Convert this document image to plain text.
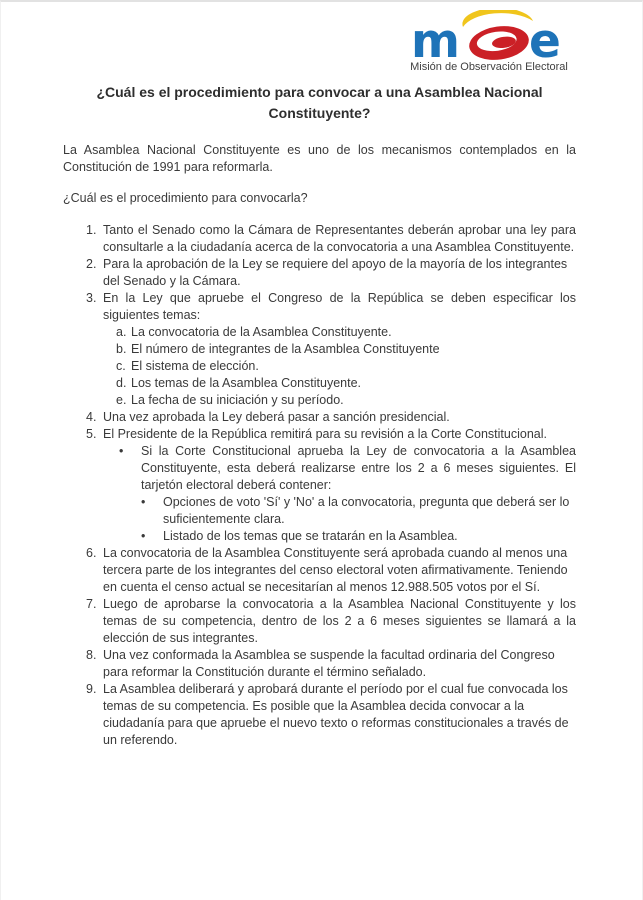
m e
Misión de Observación Electoral
¿Cuál es el procedimiento para convocar a una Asamblea Nacional Constituyente?

La Asamblea Nacional Constituyente es uno de los mecanismos contemplados en la Constitución de 1991 para reformarla.

¿Cuál es el procedimiento para convocarla?

1. Tanto el Senado como la Cámara de Representantes deberán aprobar una ley para consultarle a la ciudadanía acerca de la convocatoria a una Asamblea Constituyente.
2. Para la aprobación de la Ley se requiere del apoyo de la mayoría de los integrantes del Senado y la Cámara.
3. En la Ley que apruebe el Congreso de la República se deben especificar los siguientes temas:
a. La convocatoria de la Asamblea Constituyente.
b. El número de integrantes de la Asamblea Constituyente
c. El sistema de elección.
d. Los temas de la Asamblea Constituyente.
e. La fecha de su iniciación y su período.
4. Una vez aprobada la Ley deberá pasar a sanción presidencial.
5. El Presidente de la República remitirá para su revisión a la Corte Constitucional.
•	Si la Corte Constitucional aprueba la Ley de convocatoria a la Asamblea Constituyente, esta deberá realizarse entre los 2 a 6 meses siguientes. El tarjetón electoral deberá contener:
•	Opciones de voto 'Sí' y 'No' a la convocatoria, pregunta que deberá ser lo suficientemente clara.
•	Listado de los temas que se tratarán en la Asamblea.
6. La convocatoria de la Asamblea Constituyente será aprobada cuando al menos una tercera parte de los integrantes del censo electoral voten afirmativamente. Teniendo en cuenta el censo actual se necesitarían al menos 12.988.505 votos por el Sí.
7. Luego de aprobarse la convocatoria a la Asamblea Nacional Constituyente y los temas de su competencia, dentro de los 2 a 6 meses siguientes se llamará a la elección de sus integrantes.
8. Una vez conformada la Asamblea se suspende la facultad ordinaria del Congreso para reformar la Constitución durante el término señalado.
9. La Asamblea deliberará y aprobará durante el período por el cual fue convocada los temas de su competencia. Es posible que la Asamblea decida convocar a la ciudadanía para que apruebe el nuevo texto o reformas constitucionales a través de un referendo.
